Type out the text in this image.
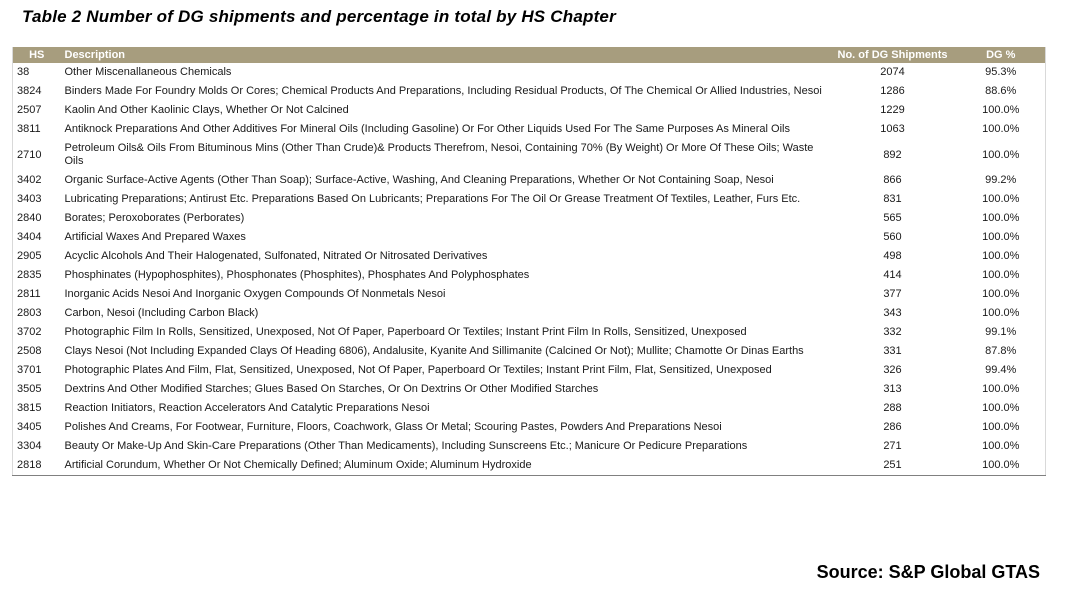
Table 2 Number of DG shipments and percentage in total by HS Chapter
HS	Description	No. of DG Shipments	DG %
38	Other Miscenallaneous Chemicals	2074	95.3%
3824	Binders Made For Foundry Molds Or Cores; Chemical Products And Preparations, Including Residual Products, Of The Chemical Or Allied Industries, Nesoi	1286	88.6%
2507	Kaolin And Other Kaolinic Clays, Whether Or Not Calcined	1229	100.0%
3811	Antiknock Preparations And Other Additives For Mineral Oils (Including Gasoline) Or For Other Liquids Used For The Same Purposes As Mineral Oils	1063	100.0%
2710	Petroleum Oils& Oils From Bituminous Mins (Other Than Crude)& Products Therefrom, Nesoi, Containing 70% (By Weight) Or More Of These Oils; Waste Oils	892	100.0%
3402	Organic Surface-Active Agents (Other Than Soap); Surface-Active, Washing, And Cleaning Preparations, Whether Or Not Containing Soap, Nesoi	866	99.2%
3403	Lubricating Preparations; Antirust Etc. Preparations Based On Lubricants; Preparations For The Oil Or Grease Treatment Of Textiles, Leather, Furs Etc.	831	100.0%
2840	Borates; Peroxoborates (Perborates)	565	100.0%
3404	Artificial Waxes And Prepared Waxes	560	100.0%
2905	Acyclic Alcohols And Their Halogenated, Sulfonated, Nitrated Or Nitrosated Derivatives	498	100.0%
2835	Phosphinates (Hypophosphites), Phosphonates (Phosphites), Phosphates And Polyphosphates	414	100.0%
2811	Inorganic Acids Nesoi And Inorganic Oxygen Compounds Of Nonmetals Nesoi	377	100.0%
2803	Carbon, Nesoi (Including Carbon Black)	343	100.0%
3702	Photographic Film In Rolls, Sensitized, Unexposed, Not Of Paper, Paperboard Or Textiles; Instant Print Film In Rolls, Sensitized, Unexposed	332	99.1%
2508	Clays Nesoi (Not Including Expanded Clays Of Heading 6806), Andalusite, Kyanite And Sillimanite (Calcined Or Not); Mullite; Chamotte Or Dinas Earths	331	87.8%
3701	Photographic Plates And Film, Flat, Sensitized, Unexposed, Not Of Paper, Paperboard Or Textiles; Instant Print Film, Flat, Sensitized, Unexposed	326	99.4%
3505	Dextrins And Other Modified Starches; Glues Based On Starches, Or On Dextrins Or Other Modified Starches	313	100.0%
3815	Reaction Initiators, Reaction Accelerators And Catalytic Preparations Nesoi	288	100.0%
3405	Polishes And Creams, For Footwear, Furniture, Floors, Coachwork, Glass Or Metal; Scouring Pastes, Powders And Preparations Nesoi	286	100.0%
3304	Beauty Or Make-Up And Skin-Care Preparations (Other Than Medicaments), Including Sunscreens Etc.; Manicure Or Pedicure Preparations	271	100.0%
2818	Artificial Corundum, Whether Or Not Chemically Defined; Aluminum Oxide; Aluminum Hydroxide	251	100.0%
Source: S&P Global GTAS
